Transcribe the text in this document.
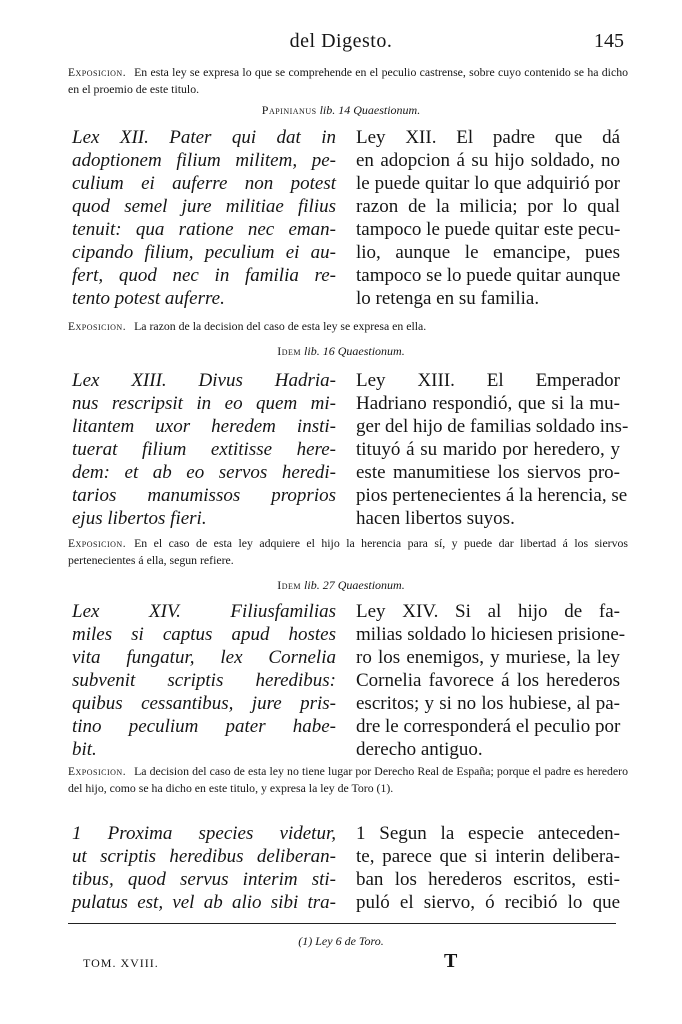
del Digesto.	145
Exposicion. En esta ley se expresa lo que se comprehende en el peculio castrense, sobre cuyo contenido se ha dicho en el proemio de este titulo.
Papinianus lib. 14 Quaestionum.
Lex XII. Pater qui dat in
adoptionem filium militem, pe-
culium ei auferre non potest
quod semel jure militiae filius
tenuit: qua ratione nec eman-
cipando filium, peculium ei au-
fert, quod nec in familia re-
tento potest auferre.
Ley XII. El padre que dá
en adopcion á su hijo soldado, no
le puede quitar lo que adquirió por
razon de la milicia; por lo qual
tampoco le puede quitar este pecu-
lio, aunque le emancipe, pues
tampoco se lo puede quitar aunque
lo retenga en su familia.
Exposicion. La razon de la decision del caso de esta ley se expresa en ella.
Idem lib. 16 Quaestionum.
Lex XIII. Divus Hadria-
nus rescripsit in eo quem mi-
litantem uxor heredem insti-
tuerat filium extitisse here-
dem: et ab eo servos heredi-
tarios manumissos proprios
ejus libertos fieri.
Ley XIII. El Emperador
Hadriano respondió, que si la mu-
ger del hijo de familias soldado ins-
tituyó á su marido por heredero, y
este manumitiese los siervos pro-
pios pertenecientes á la herencia, se
hacen libertos suyos.
Exposicion. En el caso de esta ley adquiere el hijo la herencia para sí, y puede dar libertad á los siervos pertenecientes á ella, segun refiere.
Idem lib. 27 Quaestionum.
Lex XIV. Filiusfamilias
miles si captus apud hostes
vita fungatur, lex Cornelia
subvenit scriptis heredibus:
quibus cessantibus, jure pris-
tino peculium pater habe-
bit.
Ley XIV. Si al hijo de fa-
milias soldado lo hiciesen prisione-
ro los enemigos, y muriese, la ley
Cornelia favorece á los herederos
escritos; y si no los hubiese, al pa-
dre le corresponderá el peculio por
derecho antiguo.
Exposicion. La decision del caso de esta ley no tiene lugar por Derecho Real de España; porque el padre es heredero del hijo, como se ha dicho en este titulo, y expresa la ley de Toro (1).
1 Proxima species videtur,
ut scriptis heredibus deliberan-
tibus, quod servus interim sti-
pulatus est, vel ab alio sibi tra-
1 Segun la especie anteceden-
te, parece que si interin delibera-
ban los herederos escritos, esti-
puló el siervo, ó recibió lo que
(1) Ley 6 de Toro.
TOM. XVIII.	T
